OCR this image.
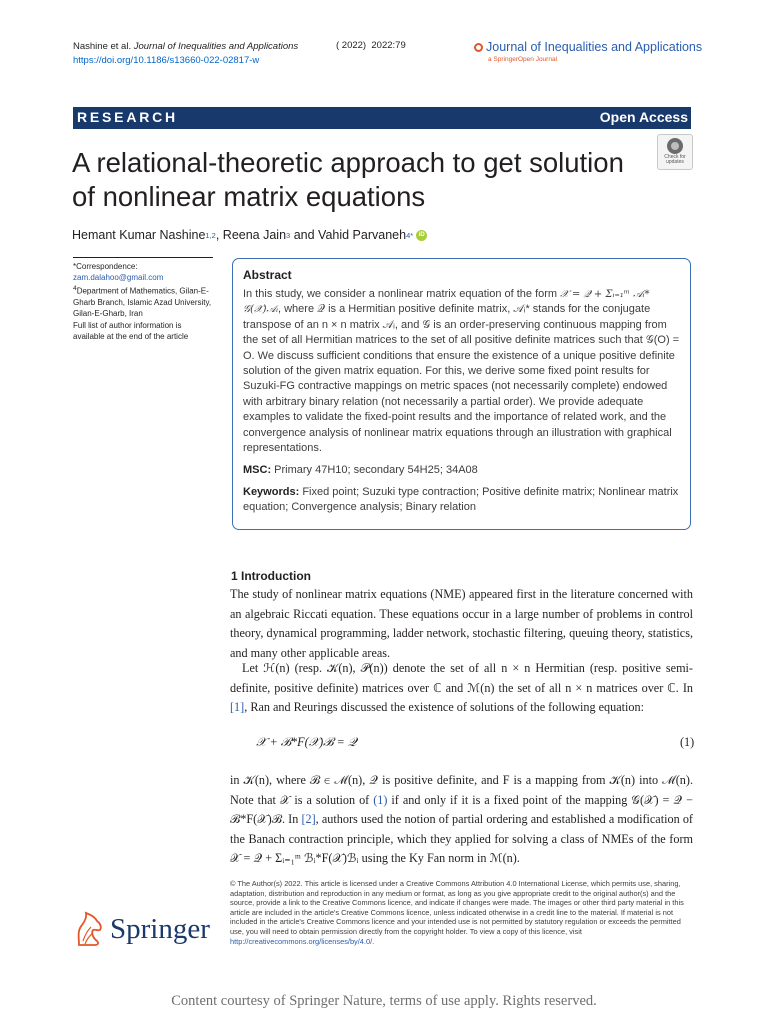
Nashine et al. Journal of Inequalities and Applications
https://doi.org/10.1186/s13660-022-02817-w
( 2022) 2022:79	Journal of Inequalities and Applications
a SpringerOpen Journal
RESEARCH	Open Access
A relational-theoretic approach to get solution of nonlinear matrix equations
Check for
updates
Hemant Kumar Nashine 1,2 , Reena Jain 3 and Vahid Parvaneh 4* iD
*Correspondence:
zam.dalahoo@gmail.com
$^4$Department of Mathematics, Gilan-E-Gharb Branch, Islamic Azad University, Gilan-E-Gharb, Iran
Full list of author information is available at the end of the article
Abstract
In this study, we consider a nonlinear matrix equation of the form 𝒳 = 𝒬 + Σᵢ₌₁ᵐ 𝒜ᵢ* 𝒢(𝒳)𝒜ᵢ, where 𝒬 is a Hermitian positive definite matrix, 𝒜ᵢ* stands for the conjugate transpose of an n × n matrix 𝒜ᵢ, and 𝒢 is an order-preserving continuous mapping from the set of all Hermitian matrices to the set of all positive definite matrices such that 𝒢(O) = O. We discuss sufficient conditions that ensure the existence of a unique positive definite solution of the given matrix equation. For this, we derive some fixed point results for Suzuki-FG contractive mappings on metric spaces (not necessarily complete) endowed with arbitrary binary relation (not necessarily a partial order). We provide adequate examples to validate the fixed-point results and the importance of related work, and the convergence analysis of nonlinear matrix equations through an illustration with graphical representations.
MSC: Primary 47H10; secondary 54H25; 34A08
Keywords: Fixed point; Suzuki type contraction; Positive definite matrix; Nonlinear matrix equation; Convergence analysis; Binary relation
1 Introduction
The study of nonlinear matrix equations (NME) appeared first in the literature concerned with an algebraic Riccati equation. These equations occur in a large number of problems in control theory, dynamical programming, ladder network, stochastic filtering, queuing theory, statistics, and many other applicable areas.
Let ℋ(n) (resp. 𝒦(n), 𝒫(n)) denote the set of all n × n Hermitian (resp. positive semi-definite, positive definite) matrices over ℂ and ℳ(n) the set of all n × n matrices over ℂ. In [1], Ran and Reurings discussed the existence of solutions of the following equation:
𝒳 + ℬ*F(𝒳)ℬ = 𝒬	(1)
in 𝒦(n), where ℬ ∈ ℳ(n), 𝒬 is positive definite, and F is a mapping from 𝒦(n) into ℳ(n). Note that 𝒳 is a solution of (1) if and only if it is a fixed point of the mapping 𝒢(𝒳) = 𝒬 − ℬ*F(𝒳)ℬ. In [2], authors used the notion of partial ordering and established a modification of the Banach contraction principle, which they applied for solving a class of NMEs of the form 𝒳 = 𝒬 + Σᵢ₌₁ᵐ ℬᵢ*F(𝒳)ℬᵢ using the Ky Fan norm in ℳ(n).
© The Author(s) 2022. This article is licensed under a Creative Commons Attribution 4.0 International License, which permits use, sharing, adaptation, distribution and reproduction in any medium or format, as long as you give appropriate credit to the original author(s) and the source, provide a link to the Creative Commons licence, and indicate if changes were made. The images or other third party material in this article are included in the article's Creative Commons licence, unless indicated otherwise in a credit line to the material. If material is not included in the article's Creative Commons licence and your intended use is not permitted by statutory regulation or exceeds the permitted use, you will need to obtain permission directly from the copyright holder. To view a copy of this licence, visit http://creativecommons.org/licenses/by/4.0/.
Springer
Content courtesy of Springer Nature, terms of use apply. Rights reserved.
